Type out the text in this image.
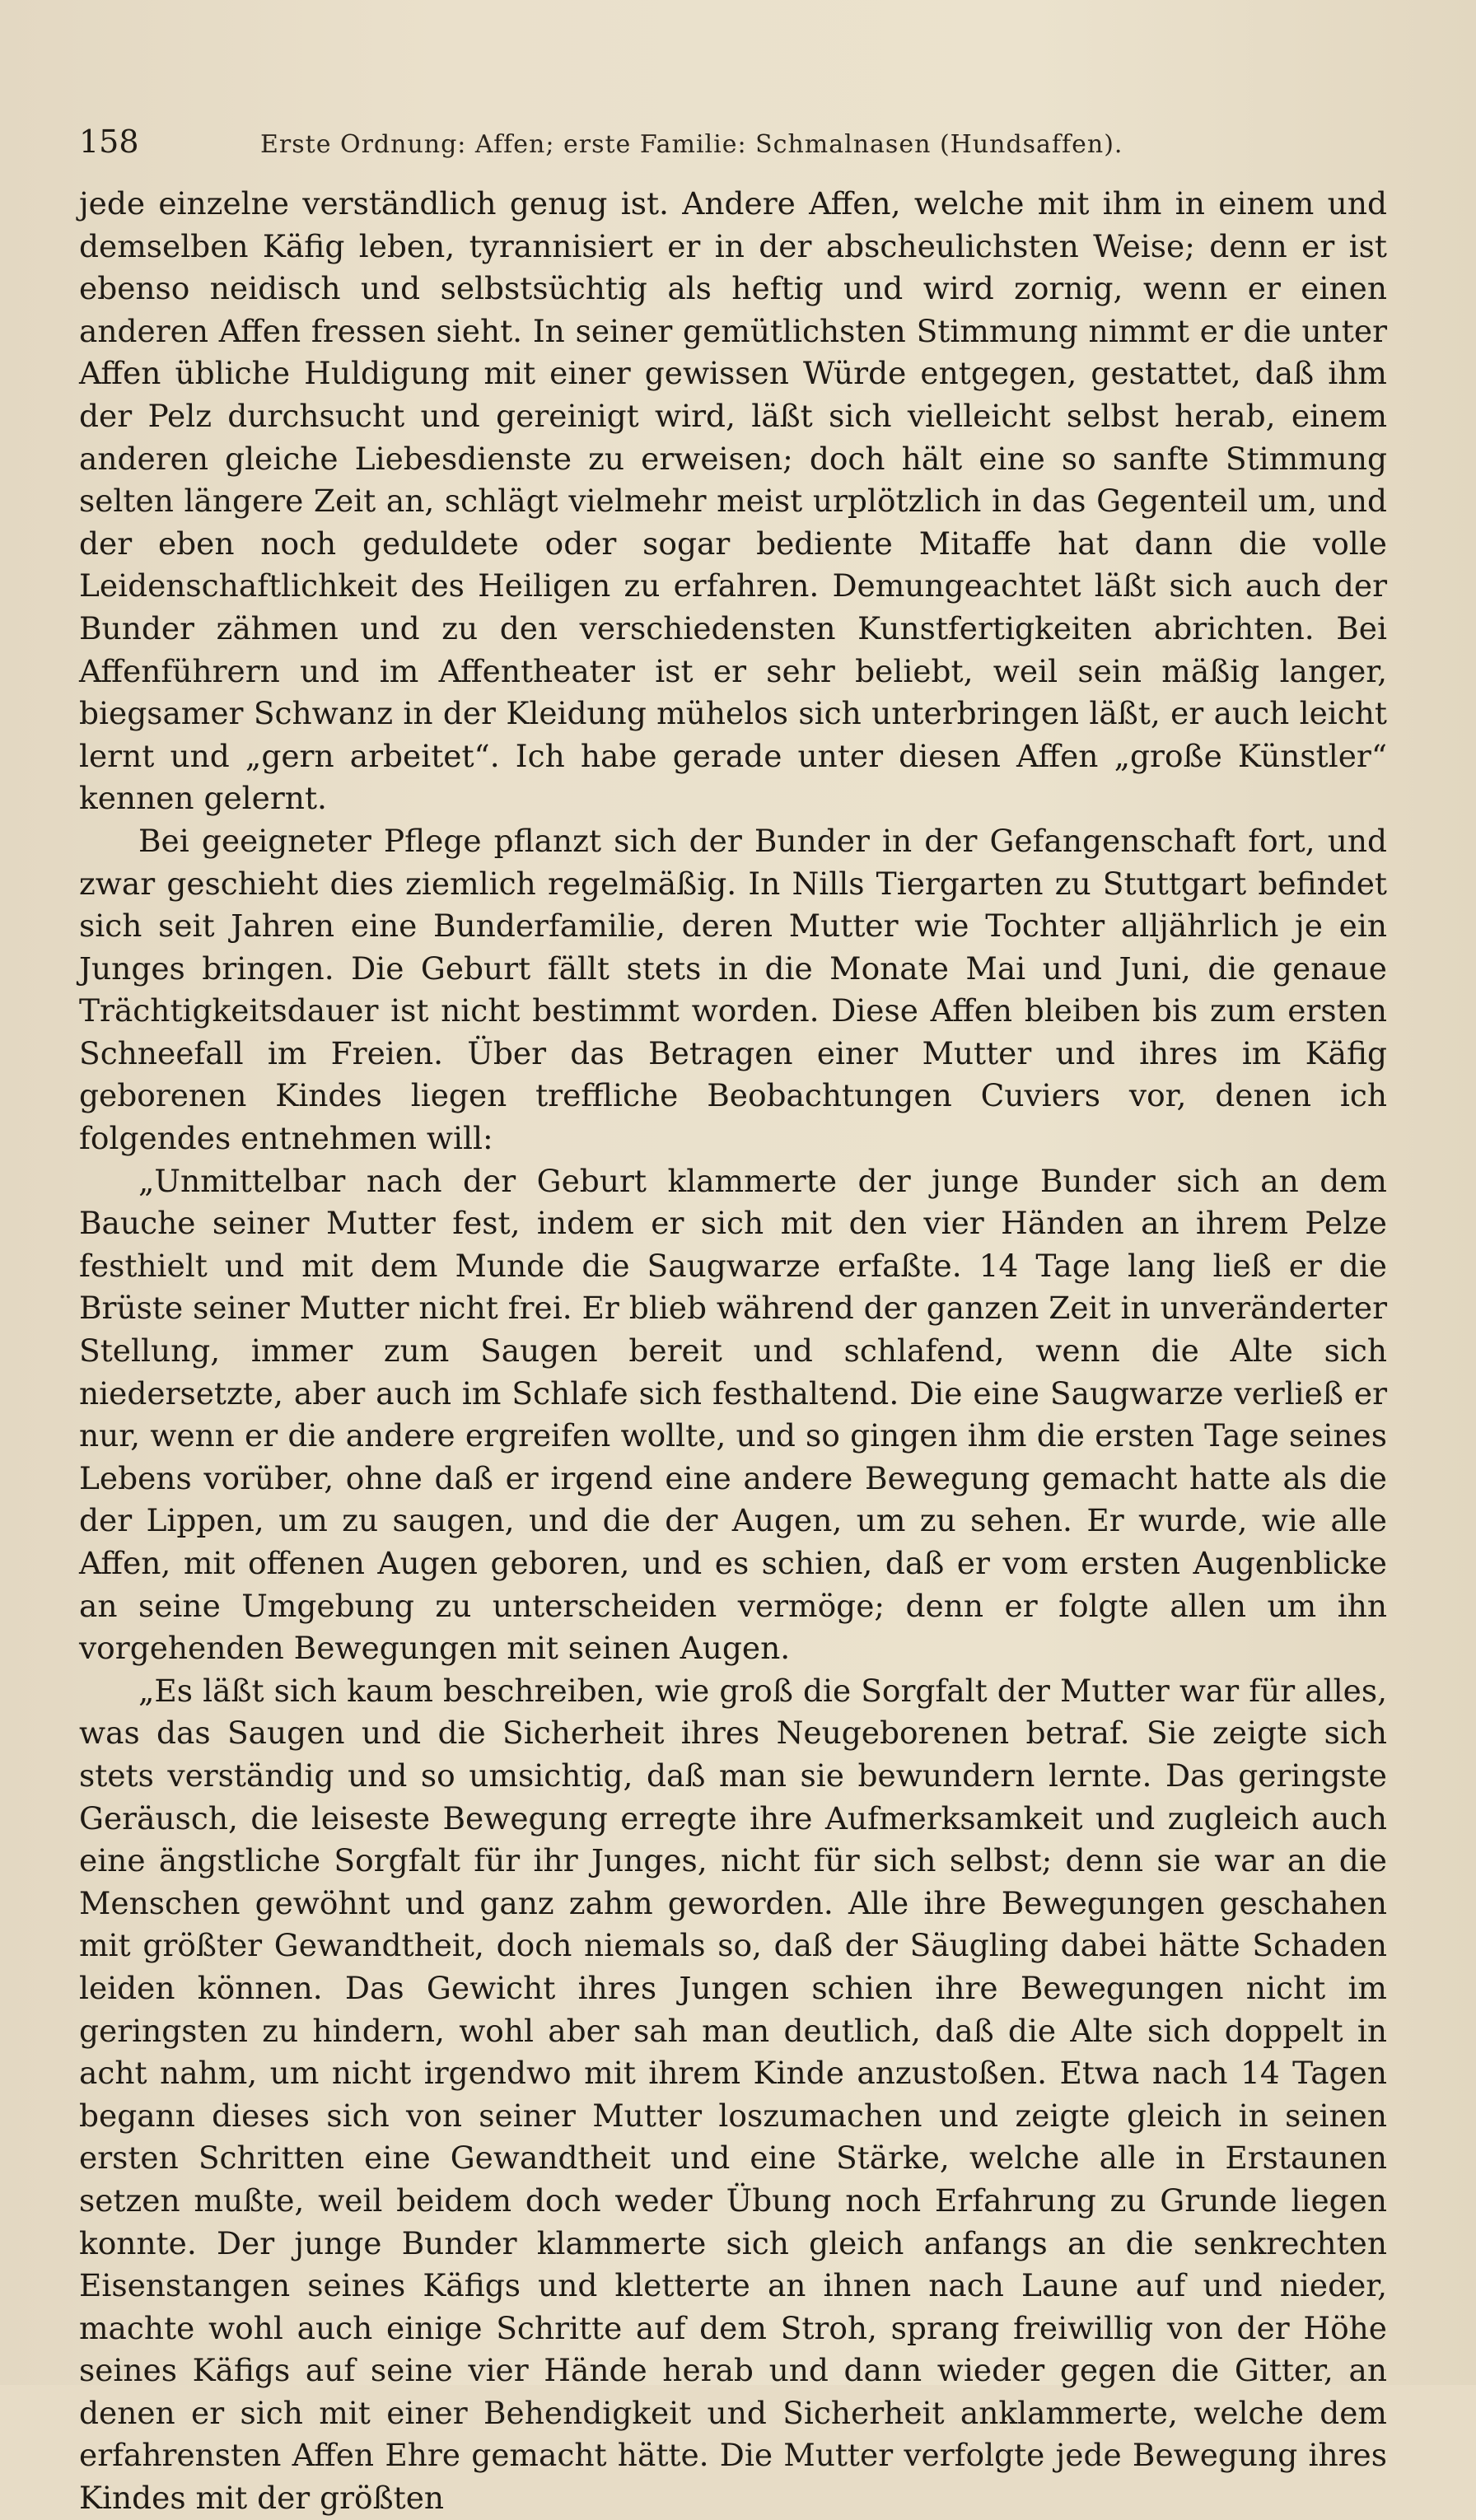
158	Erste Ordnung: Affen; erste Familie: Schmalnasen (Hundsaffen).

jede einzelne verständlich genug ist. Andere Affen, welche mit ihm in einem und demselben Käfig leben, tyrannisiert er in der abscheulichsten Weise; denn er ist ebenso neidisch und selbstsüchtig als heftig und wird zornig, wenn er einen anderen Affen fressen sieht. In seiner gemütlichsten Stimmung nimmt er die unter Affen übliche Huldigung mit einer gewissen Würde entgegen, gestattet, daß ihm der Pelz durchsucht und gereinigt wird, läßt sich vielleicht selbst herab, einem anderen gleiche Liebesdienste zu erweisen; doch hält eine so sanfte Stimmung selten längere Zeit an, schlägt vielmehr meist urplötzlich in das Gegenteil um, und der eben noch geduldete oder sogar bediente Mitaffe hat dann die volle Leidenschaftlichkeit des Heiligen zu erfahren. Demungeachtet läßt sich auch der Bunder zähmen und zu den verschiedensten Kunstfertigkeiten abrichten. Bei Affenführern und im Affentheater ist er sehr beliebt, weil sein mäßig langer, biegsamer Schwanz in der Kleidung mühelos sich unterbringen läßt, er auch leicht lernt und „gern arbeitet“. Ich habe gerade unter diesen Affen „große Künstler“ kennen gelernt.

Bei geeigneter Pflege pflanzt sich der Bunder in der Gefangenschaft fort, und zwar geschieht dies ziemlich regelmäßig. In Nills Tiergarten zu Stuttgart befindet sich seit Jahren eine Bunderfamilie, deren Mutter wie Tochter alljährlich je ein Junges bringen. Die Geburt fällt stets in die Monate Mai und Juni, die genaue Trächtigkeitsdauer ist nicht bestimmt worden. Diese Affen bleiben bis zum ersten Schneefall im Freien. Über das Betragen einer Mutter und ihres im Käfig geborenen Kindes liegen treffliche Beobachtungen Cuviers vor, denen ich folgendes entnehmen will:

„Unmittelbar nach der Geburt klammerte der junge Bunder sich an dem Bauche seiner Mutter fest, indem er sich mit den vier Händen an ihrem Pelze festhielt und mit dem Munde die Saugwarze erfaßte. 14 Tage lang ließ er die Brüste seiner Mutter nicht frei. Er blieb während der ganzen Zeit in unveränderter Stellung, immer zum Saugen bereit und schlafend, wenn die Alte sich niedersetzte, aber auch im Schlafe sich festhaltend. Die eine Saugwarze verließ er nur, wenn er die andere ergreifen wollte, und so gingen ihm die ersten Tage seines Lebens vorüber, ohne daß er irgend eine andere Bewegung gemacht hatte als die der Lippen, um zu saugen, und die der Augen, um zu sehen. Er wurde, wie alle Affen, mit offenen Augen geboren, und es schien, daß er vom ersten Augenblicke an seine Umgebung zu unterscheiden vermöge; denn er folgte allen um ihn vorgehenden Bewegungen mit seinen Augen.

„Es läßt sich kaum beschreiben, wie groß die Sorgfalt der Mutter war für alles, was das Saugen und die Sicherheit ihres Neugeborenen betraf. Sie zeigte sich stets verständig und so umsichtig, daß man sie bewundern lernte. Das geringste Geräusch, die leiseste Bewegung erregte ihre Aufmerksamkeit und zugleich auch eine ängstliche Sorgfalt für ihr Junges, nicht für sich selbst; denn sie war an die Menschen gewöhnt und ganz zahm geworden. Alle ihre Bewegungen geschahen mit größter Gewandtheit, doch niemals so, daß der Säugling dabei hätte Schaden leiden können. Das Gewicht ihres Jungen schien ihre Bewegungen nicht im geringsten zu hindern, wohl aber sah man deutlich, daß die Alte sich doppelt in acht nahm, um nicht irgendwo mit ihrem Kinde anzustoßen. Etwa nach 14 Tagen begann dieses sich von seiner Mutter loszumachen und zeigte gleich in seinen ersten Schritten eine Gewandtheit und eine Stärke, welche alle in Erstaunen setzen mußte, weil beidem doch weder Übung noch Erfahrung zu Grunde liegen konnte. Der junge Bunder klammerte sich gleich anfangs an die senkrechten Eisenstangen seines Käfigs und kletterte an ihnen nach Laune auf und nieder, machte wohl auch einige Schritte auf dem Stroh, sprang freiwillig von der Höhe seines Käfigs auf seine vier Hände herab und dann wieder gegen die Gitter, an denen er sich mit einer Behendigkeit und Sicherheit anklammerte, welche dem erfahrensten Affen Ehre gemacht hätte. Die Mutter verfolgte jede Bewegung ihres Kindes mit der größten
